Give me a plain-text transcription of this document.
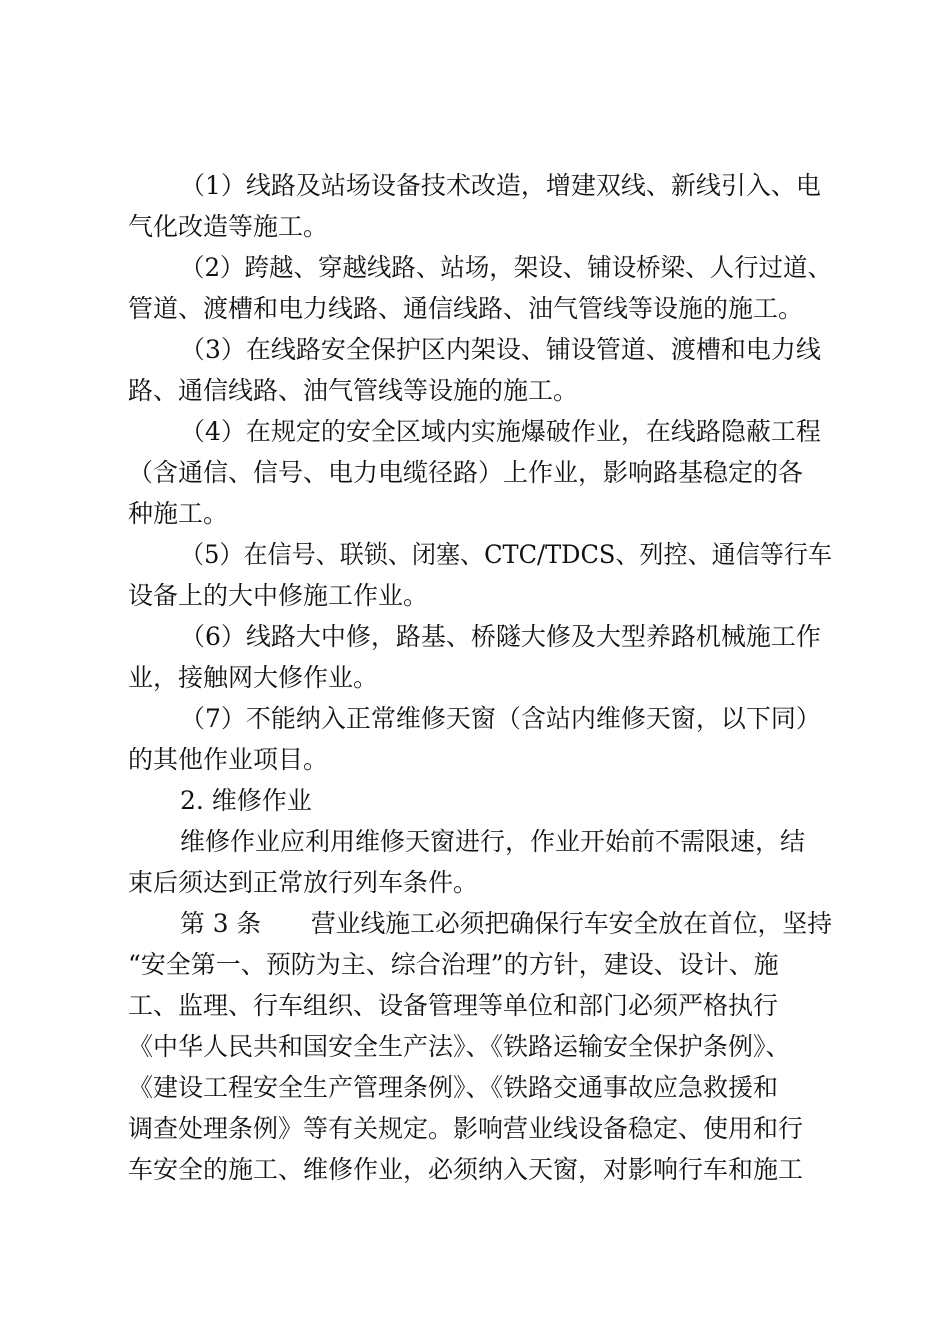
（1）线路及站场设备技术改造，增建双线、新线引入、电
气化改造等施工。
（2）跨越、穿越线路、站场，架设、铺设桥梁、人行过道、
管道、渡槽和电力线路、通信线路、油气管线等设施的施工。
（3）在线路安全保护区内架设、铺设管道、渡槽和电力线
路、通信线路、油气管线等设施的施工。
（4）在规定的安全区域内实施爆破作业，在线路隐蔽工程
（含通信、信号、电力电缆径路）上作业，影响路基稳定的各
种施工。
（5）在信号、联锁、闭塞、CTC/TDCS、列控、通信等行车
设备上的大中修施工作业。
（6）线路大中修，路基、桥隧大修及大型养路机械施工作
业，接触网大修作业。
（7）不能纳入正常维修天窗（含站内维修天窗，以下同）
的其他作业项目。
2. 维修作业
维修作业应利用维修天窗进行，作业开始前不需限速，结
束后须达到正常放行列车条件。
第 3 条　　营业线施工必须把确保行车安全放在首位，坚持
“安全第一、预防为主、综合治理”的方针，建设、设计、施
工、监理、行车组织、设备管理等单位和部门必须严格执行
《中华人民共和国安全生产法》、《铁路运输安全保护条例》、
《建设工程安全生产管理条例》、《铁路交通事故应急救援和
调查处理条例》等有关规定。影响营业线设备稳定、使用和行
车安全的施工、维修作业，必须纳入天窗，对影响行车和施工
